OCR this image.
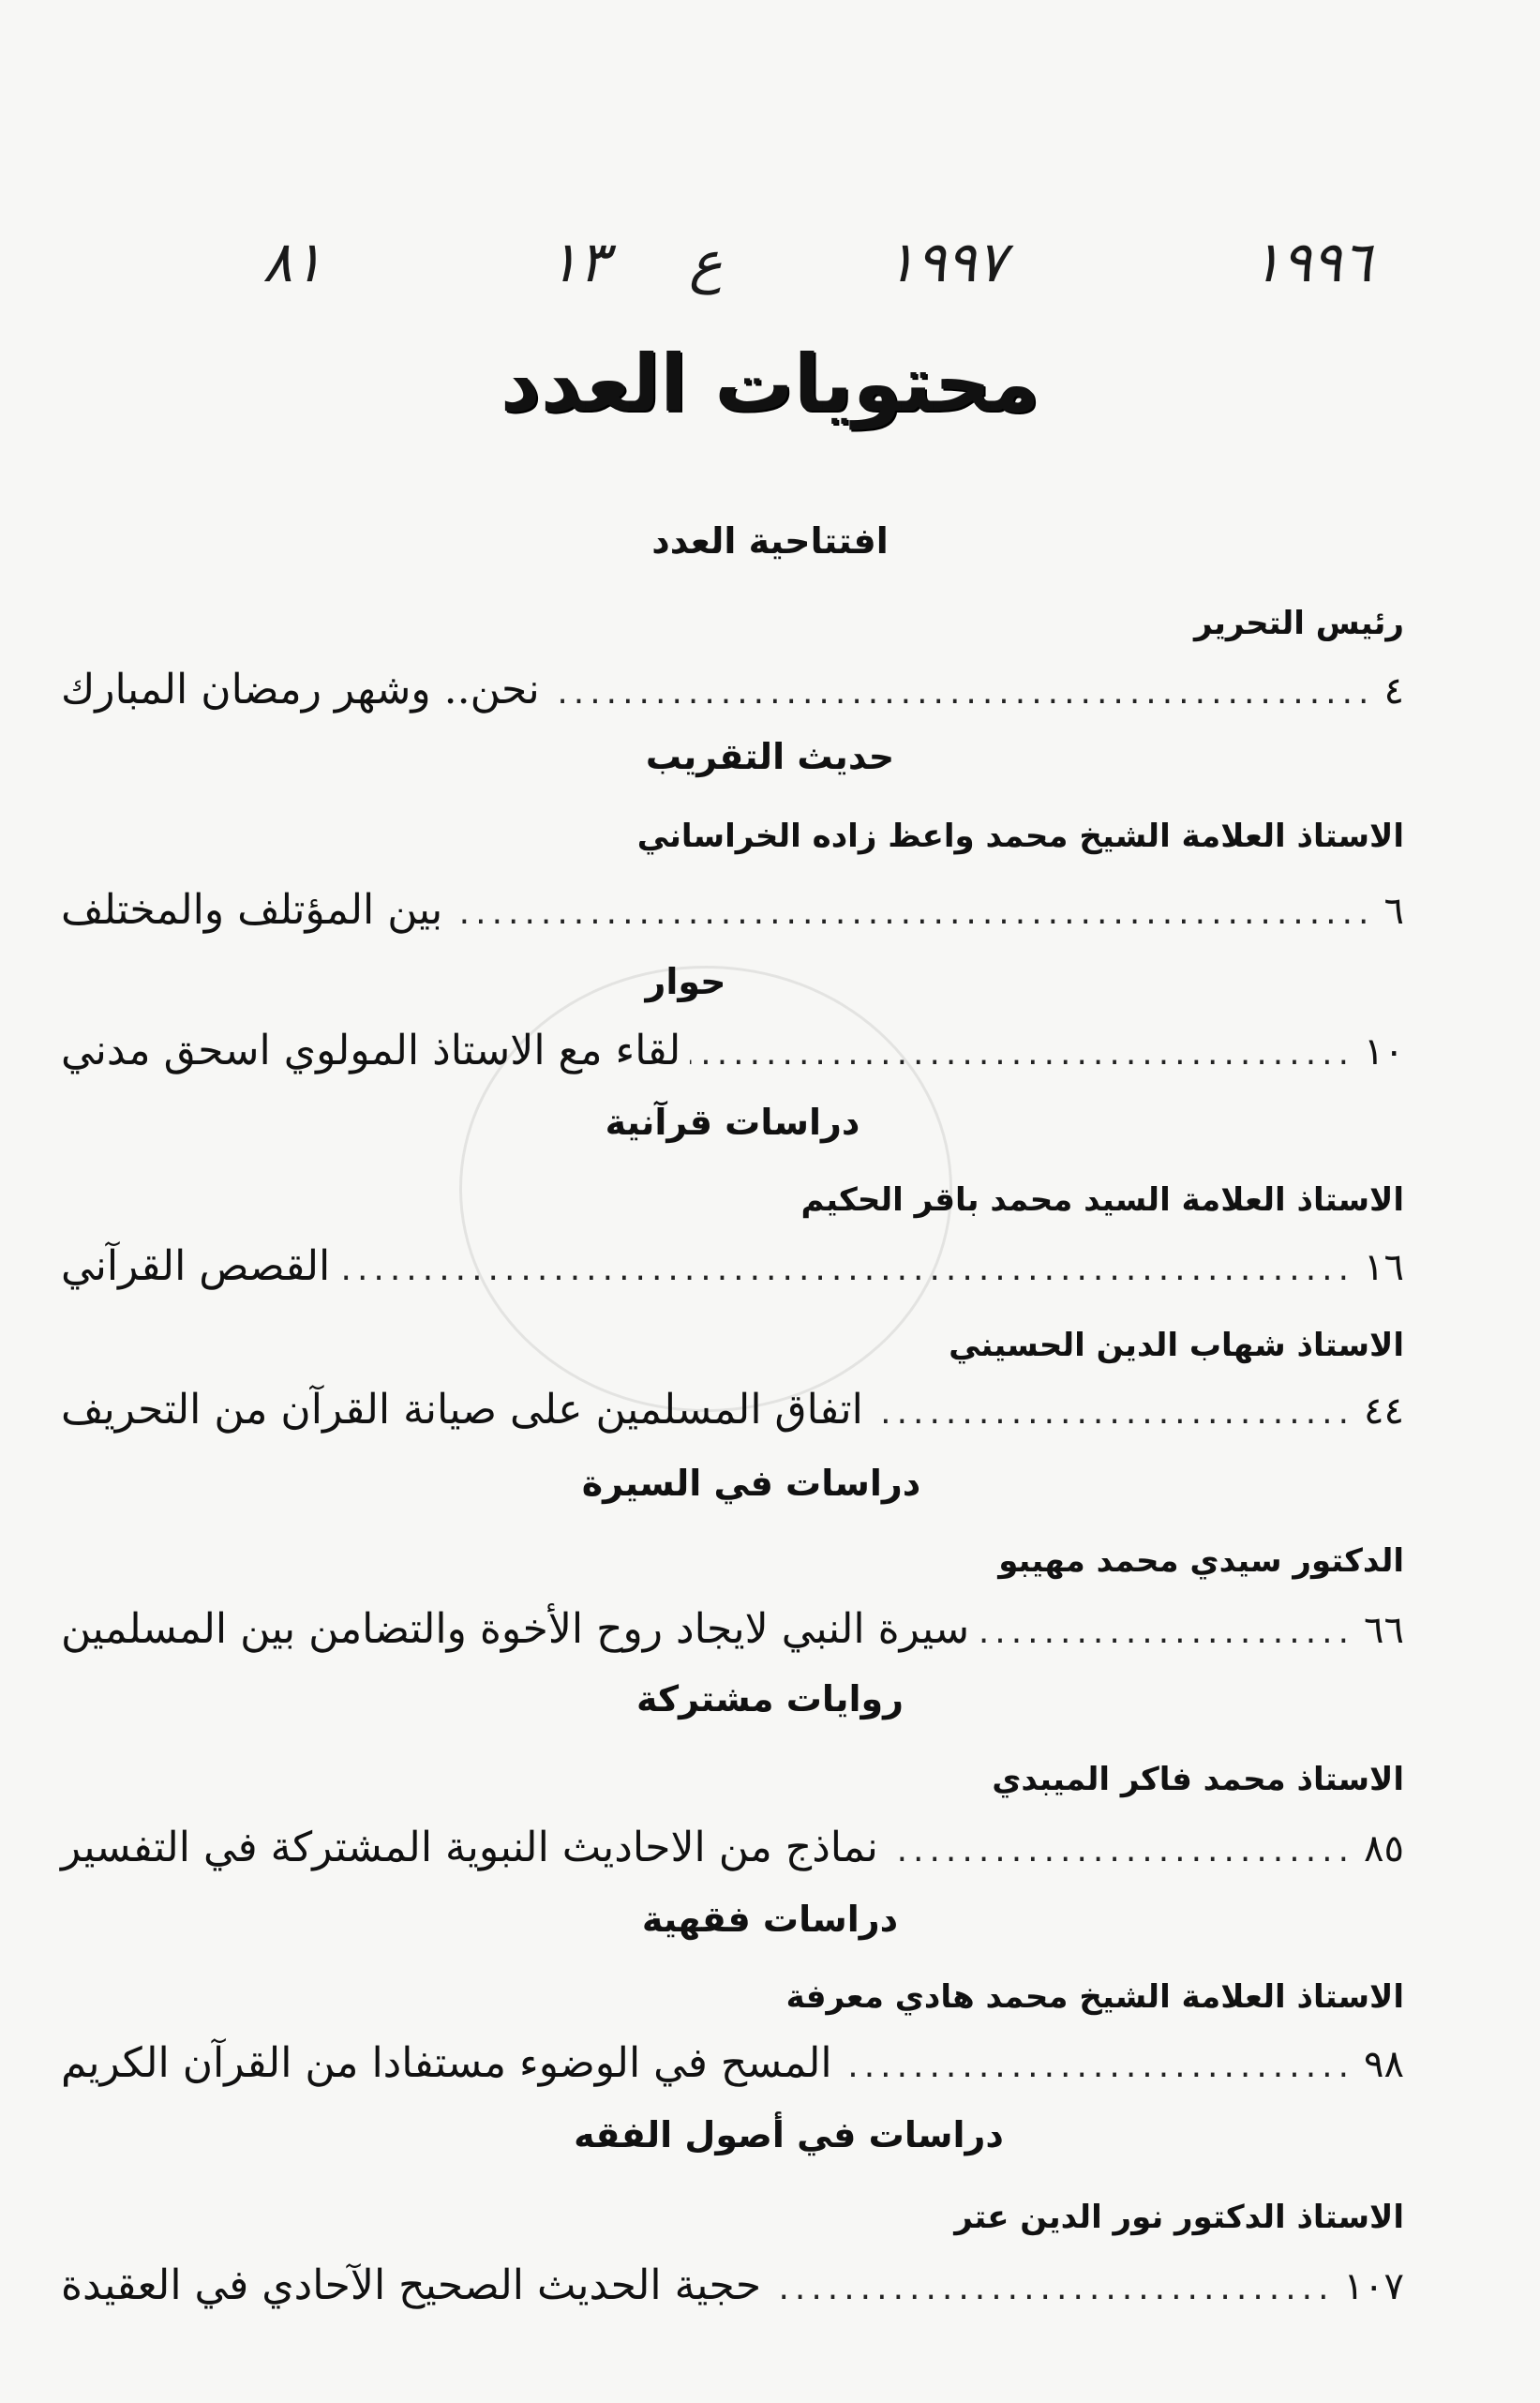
١٩٩٦
١٩٩٧
ع
١٣
٨١
محتويات العدد
افتتاحية العدد
رئيس التحرير
نحن.. وشهر رمضان المبارك .....	٤
حديث التقريب
الاستاذ العلامة الشيخ محمد واعظ زاده الخراساني
بين المؤتلف والمختلف .....	٦
حوار
لقاء مع الاستاذ المولوي اسحق مدني .....	١٠
دراسات قرآنية
الاستاذ العلامة السيد محمد باقر الحكيم
القصص القرآني .....	١٦
الاستاذ شهاب الدين الحسيني
اتفاق المسلمين على صيانة القرآن من التحريف .....	٤٤
دراسات في السيرة
الدكتور سيدي محمد مهيبو
سيرة النبي لايجاد روح الأخوة والتضامن بين المسلمين .....	٦٦
روايات مشتركة
الاستاذ محمد فاكر الميبدي
نماذج من الاحاديث النبوية المشتركة في التفسير .....	٨٥
دراسات فقهية
الاستاذ العلامة الشيخ محمد هادي معرفة
المسح في الوضوء مستفادا من القرآن الكريم .....	٩٨
دراسات في أصول الفقه
الاستاذ الدكتور نور الدين عتر
حجية الحديث الصحيح الآحادي في العقيدة .....	١٠٧
